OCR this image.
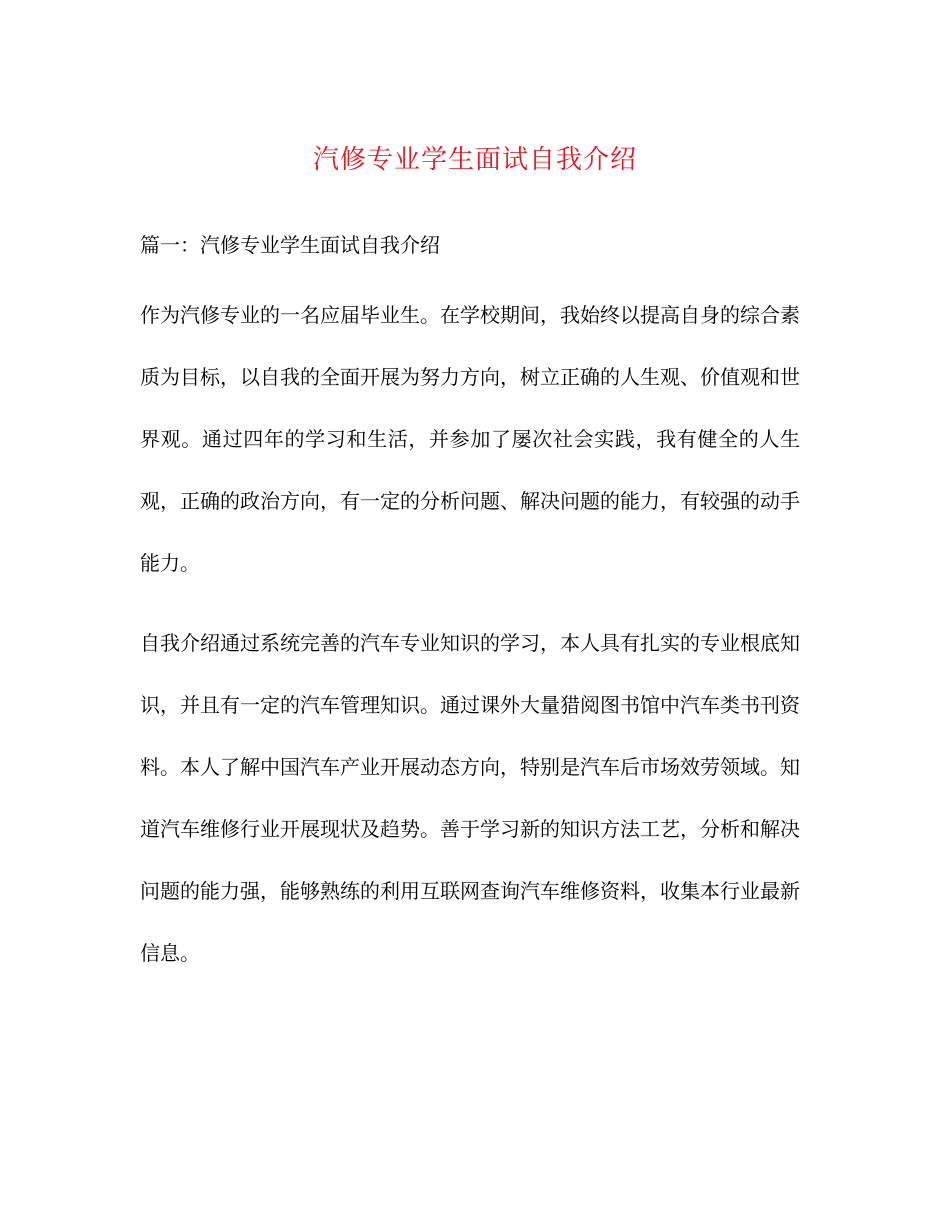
汽修专业学生面试自我介绍

篇一：汽修专业学生面试自我介绍

作为汽修专业的一名应届毕业生。在学校期间，我始终以提高自身的综合素质为目标，以自我的全面开展为努力方向，树立正确的人生观、价值观和世界观。通过四年的学习和生活，并参加了屡次社会实践，我有健全的人生观，正确的政治方向，有一定的分析问题、解决问题的能力，有较强的动手能力。

自我介绍通过系统完善的汽车专业知识的学习，本人具有扎实的专业根底知识，并且有一定的汽车管理知识。通过课外大量猎阅图书馆中汽车类书刊资料。本人了解中国汽车产业开展动态方向，特别是汽车后市场效劳领域。知道汽车维修行业开展现状及趋势。善于学习新的知识方法工艺，分析和解决问题的能力强，能够熟练的利用互联网查询汽车维修资料，收集本行业最新信息。
